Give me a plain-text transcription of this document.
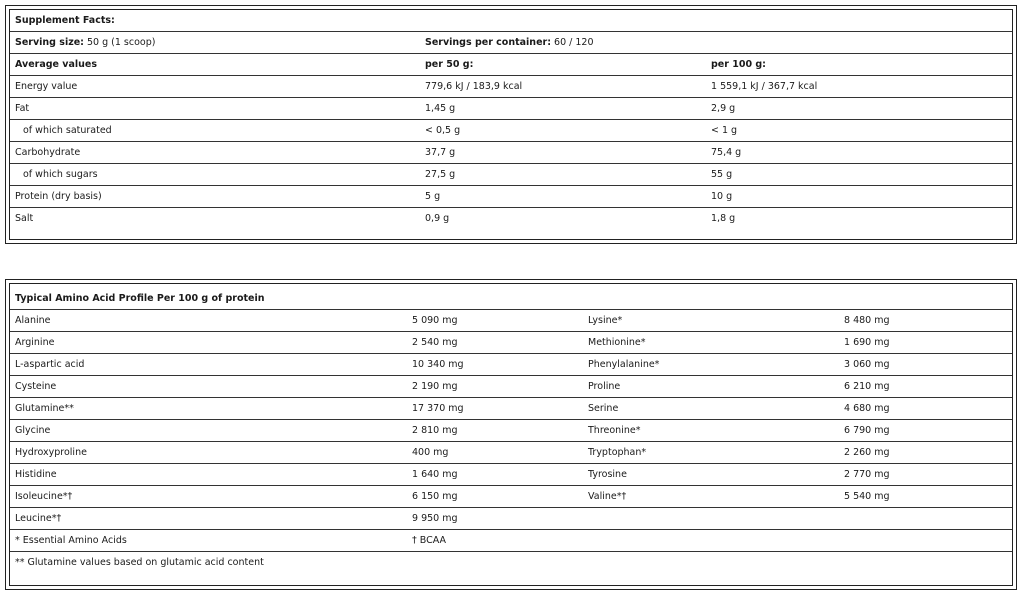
Supplement Facts:
Serving size: 50 g (1 scoop)	Servings per container: 60 / 120
Average values	per 50 g:	per 100 g:
Energy value	779,6 kJ / 183,9 kcal	1 559,1 kJ / 367,7 kcal
Fat	1,45 g	2,9 g
of which saturated	< 0,5 g	< 1 g
Carbohydrate	37,7 g	75,4 g
of which sugars	27,5 g	55 g
Protein (dry basis)	5 g	10 g
Salt	0,9 g	1,8 g
Typical Amino Acid Profile Per 100 g of protein
Alanine	5 090 mg	Lysine*	8 480 mg
Arginine	2 540 mg	Methionine*	1 690 mg
L-aspartic acid	10 340 mg	Phenylalanine*	3 060 mg
Cysteine	2 190 mg	Proline	6 210 mg
Glutamine**	17 370 mg	Serine	4 680 mg
Glycine	2 810 mg	Threonine*	6 790 mg
Hydroxyproline	400 mg	Tryptophan*	2 260 mg
Histidine	1 640 mg	Tyrosine	2 770 mg
Isoleucine*†	6 150 mg	Valine*†	5 540 mg
Leucine*†	9 950 mg
* Essential Amino Acids	† BCAA
** Glutamine values based on glutamic acid content
